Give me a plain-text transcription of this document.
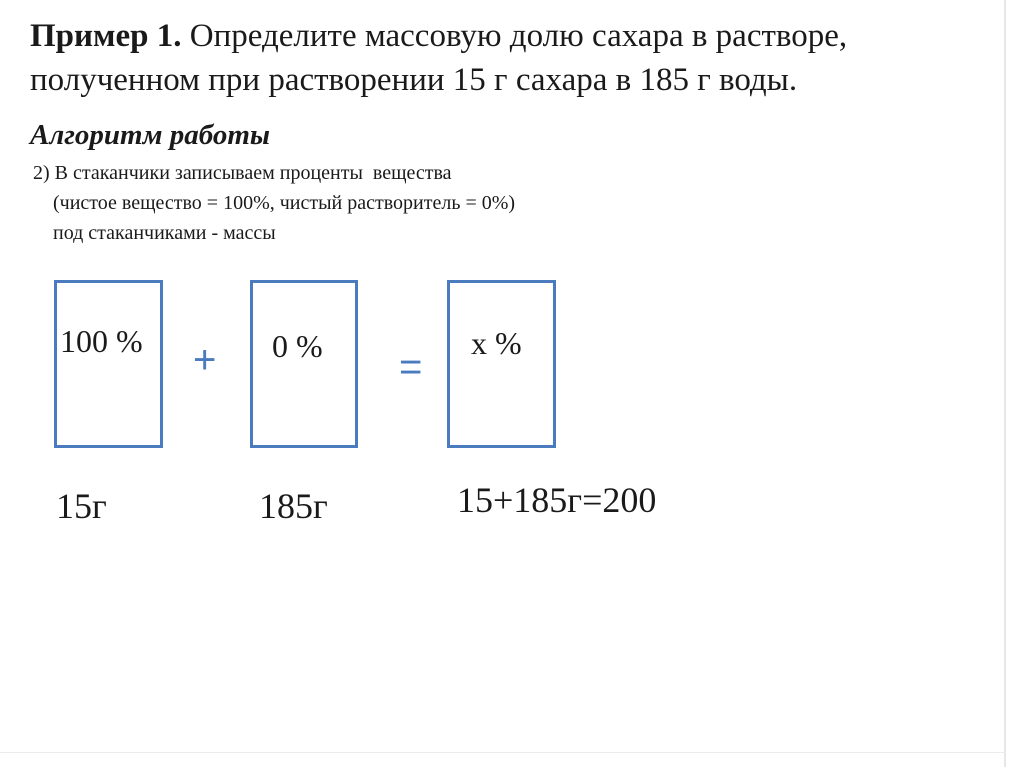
Пример 1. Определите массовую долю сахара в растворе,
полученном при растворении 15 г сахара в 185 г воды.
Алгоритм работы
2) В стаканчики записываем проценты  вещества
(чистое вещество = 100%, чистый растворитель = 0%)
под стаканчиками - массы
100 % + 0 % =
x %
15г	185г	15+185г=200
